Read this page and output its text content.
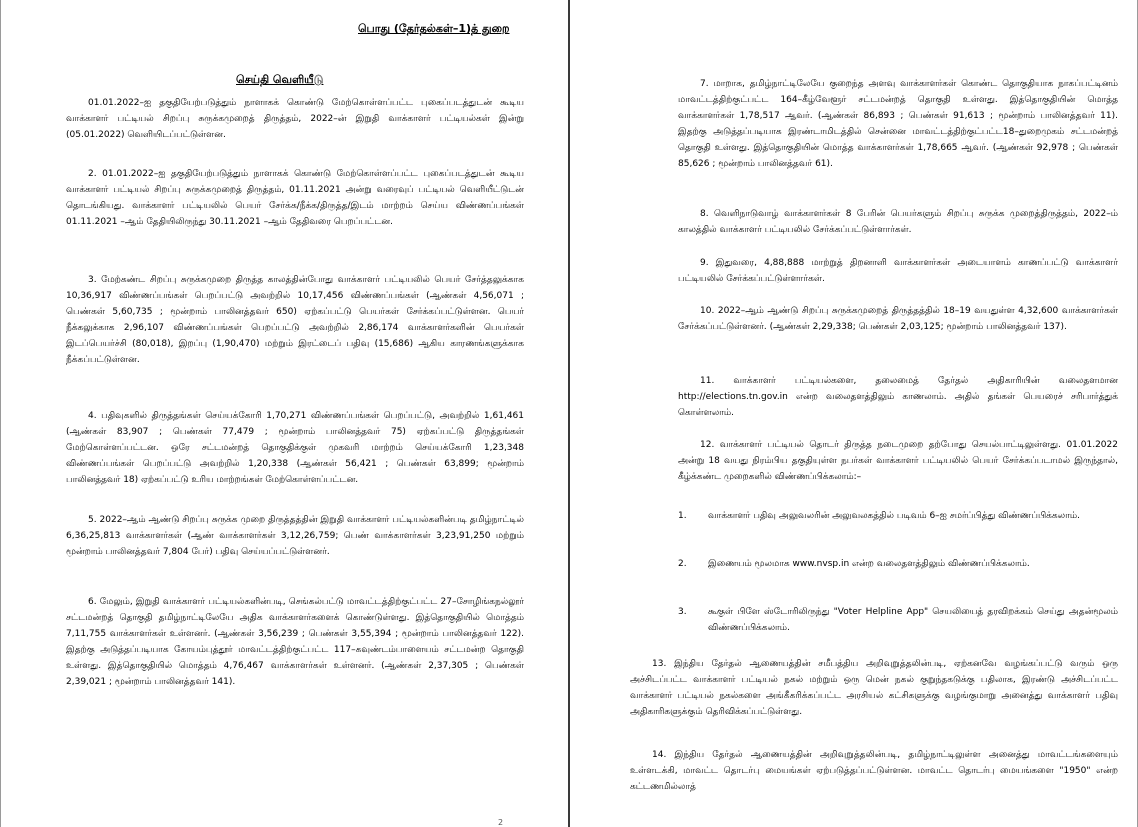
பொது (தேர்தல்கள்–1)த் துறை
செய்தி வெளியீடு

01.01.2022–ஐ தகுதியேற்படுத்தும் நாளாகக் கொண்டு மேற்கொள்ளப்பட்ட புகைப்படத்துடன் கூடிய வாக்காளர் பட்டியல் சிறப்பு சுருக்கமுறைத் திருத்தம், 2022–ன் இறுதி வாக்காளர் பட்டியல்கள் இன்று (05.01.2022) வெளியிடப்பட்டுள்ளன.

2. 01.01.2022–ஐ தகுதியேற்படுத்தும் நாளாகக் கொண்டு மேற்கொள்ளப்பட்ட புகைப்படத்துடன் கூடிய வாக்காளர் பட்டியல் சிறப்பு சுருக்கமுறைத் திருத்தம், 01.11.2021 அன்று வரைவுப் பட்டியல் வெளியீட்டுடன் தொடங்கியது. வாக்காளர் பட்டியலில் பெயர் சேர்க்க/நீக்க/திருத்த/இடம் மாற்றம் செய்ய விண்ணப்பங்கள் 01.11.2021 –ஆம் தேதியிலிருந்து 30.11.2021 –ஆம் தேதிவரை பெறப்பட்டன.

3. மேற்கண்ட சிறப்பு சுருக்கமுறை திருத்த காலத்தின்போது வாக்காளர் பட்டியலில் பெயர் சேர்த்தலுக்காக 10,36,917 விண்ணப்பங்கள் பெறப்பட்டு அவற்றில் 10,17,456 விண்ணப்பங்கள் (ஆண்கள் 4,56,071 ; பெண்கள் 5,60,735 ; மூன்றாம் பாலினத்தவர் 650) ஏற்கப்பட்டு பெயர்கள் சேர்க்கப்பட்டுள்ளன. பெயர் நீக்கலுக்காக 2,96,107 விண்ணப்பங்கள் பெறப்பட்டு அவற்றில் 2,86,174 வாக்காளர்களின் பெயர்கள் இடப்பெயர்ச்சி (80,018), இறப்பு (1,90,470) மற்றும் இரட்டைப் பதிவு (15,686) ஆகிய காரணங்களுக்காக நீக்கப்பட்டுள்ளன.

4. பதிவுகளில் திருத்தங்கள் செய்யக்கோரி 1,70,271 விண்ணப்பங்கள் பெறப்பட்டு, அவற்றில் 1,61,461 (ஆண்கள் 83,907 ; பெண்கள் 77,479 ; மூன்றாம் பாலினத்தவர் 75) ஏற்கப்பட்டு திருத்தங்கள் மேற்கொள்ளப்பட்டன. ஒரே சட்டமன்றத் தொகுதிக்குள் முகவரி மாற்றம் செய்யக்கோரி 1,23,348 விண்ணப்பங்கள் பெறப்பட்டு அவற்றில் 1,20,338 (ஆண்கள் 56,421 ; பெண்கள் 63,899; மூன்றாம் பாலினத்தவர் 18) ஏற்கப்பட்டு உரிய மாற்றங்கள் மேற்கொள்ளப்பட்டன.

5. 2022–ஆம் ஆண்டு சிறப்பு சுருக்க முறை திருத்தத்தின் இறுதி வாக்காளர் பட்டியல்களின்படி தமிழ்நாட்டில் 6,36,25,813 வாக்காளர்கள் (ஆண் வாக்காளர்கள் 3,12,26,759; பெண் வாக்காளர்கள் 3,23,91,250 மற்றும் மூன்றாம் பாலினத்தவர் 7,804 பேர்) பதிவு செய்யப்பட்டுள்ளனர்.

6. மேலும், இறுதி வாக்காளர் பட்டியல்களின்படி, செங்கல்பட்டு மாவட்டத்திற்குட்பட்ட 27–சோழிங்கநல்லூர் சட்டமன்றத் தொகுதி தமிழ்நாட்டிலேயே அதிக வாக்காளர்களைக் கொண்டுள்ளது. இத்தொகுதியில் மொத்தம் 7,11,755 வாக்காளர்கள் உள்ளனர். (ஆண்கள் 3,56,239 ; பெண்கள் 3,55,394 ; மூன்றாம் பாலினத்தவர் 122). இதற்கு அடுத்தப்படியாக கோயம்புத்தூர் மாவட்டத்திற்குட்பட்ட 117–கவுண்டம்பாளையம் சட்டமன்ற தொகுதி உள்ளது. இத்தொகுதியில் மொத்தம் 4,76,467 வாக்காளர்கள் உள்ளனர். (ஆண்கள் 2,37,305 ; பெண்கள் 2,39,021 ; மூன்றாம் பாலினத்தவர் 141).

7. மாறாக, தமிழ்நாட்டிலேயே குறைந்த அளவு வாக்காளர்கள் கொண்ட தொகுதியாக நாகப்பட்டினம் மாவட்டத்திற்குட்பட்ட 164–கீழ்வேளூர் சட்டமன்றத் தொகுதி உள்ளது. இத்தொகுதியின் மொத்த வாக்காளர்கள் 1,78,517 ஆவர். (ஆண்கள் 86,893 ; பெண்கள் 91,613 ; மூன்றாம் பாலினத்தவர் 11). இதற்கு அடுத்தப்படியாக இரண்டாமிடத்தில் சென்னை மாவட்டத்திற்குட்பட்ட18–துறைமுகம் சட்டமன்றத் தொகுதி உள்ளது. இத்தொகுதியின் மொத்த வாக்காளர்கள் 1,78,665 ஆவர். (ஆண்கள் 92,978 ; பெண்கள் 85,626 ; மூன்றாம் பாலினத்தவர் 61).

8. வெளிநாடுவாழ் வாக்காளர்கள் 8 பேரின் பெயர்களும் சிறப்பு சுருக்க முறைத்திருத்தம், 2022–ம் காலத்தில் வாக்காளர் பட்டியலில் சேர்க்கப்பட்டுள்ளார்கள்.

9. இதுவரை, 4,88,888 மாற்றுத் திறனாளி வாக்காளர்கள் அடையாளம் காணப்பட்டு வாக்காளர் பட்டியலில் சேர்க்கப்பட்டுள்ளார்கள்.

10. 2022–ஆம் ஆண்டு சிறப்பு சுருக்கமுறைத் திருத்தத்தில் 18–19 வயதுள்ள 4,32,600 வாக்காளர்கள் சேர்க்கப்பட்டுள்ளனர். (ஆண்கள் 2,29,338; பெண்கள் 2,03,125; மூன்றாம் பாலினத்தவர் 137).

11. வாக்காளர் பட்டியல்களை, தலைமைத் தேர்தல் அதிகாரியின் வலைதளமான http://elections.tn.gov.in என்ற வலைதளத்திலும் காணலாம். அதில் தங்கள் பெயரைச் சரிபார்த்துக் கொள்ளலாம்.

12. வாக்காளர் பட்டியல் தொடர் திருத்த நடைமுறை தற்போது செயல்பாட்டிலுள்ளது. 01.01.2022 அன்று 18 வயது நிரம்பிய தகுதியுள்ள நபர்கள் வாக்காளர் பட்டியலில் பெயர் சேர்க்கப்படாமல் இருந்தால், கீழ்க்கண்ட முறைகளில் விண்ணப்பிக்கலாம்:–

1. வாக்காளர் பதிவு அலுவலரின் அலுவலகத்தில் படிவம் 6–ஐ சமர்ப்பித்து விண்ணப்பிக்கலாம்.

2. இணையம் மூலமாக www.nvsp.in என்ற வலைதளத்திலும் விண்ணப்பிக்கலாம்.

3. கூகுள் பிளே ஸ்டோரிலிருந்து "Voter Helpline App" செயலியைத் தரவிறக்கம் செய்து அதன்மூலம் விண்ணப்பிக்கலாம்.

13. இந்திய தேர்தல் ஆணையத்தின் சமீபத்திய அறிவுறுத்தலின்படி, ஏற்கனவே வழங்கப்பட்டு வரும் ஒரு அச்சிடப்பட்ட வாக்காளர் பட்டியல் நகல் மற்றும் ஒரு மென் நகல் குறுந்தகடுக்கு பதிலாக, இரண்டு அச்சிடப்பட்ட வாக்காளர் பட்டியல் நகல்களை அங்கீகரிக்கப்பட்ட அரசியல் கட்சிகளுக்கு வழங்குமாறு அனைத்து வாக்காளர் பதிவு அதிகாரிகளுக்கும் தெரிவிக்கப்பட்டுள்ளது.

14. இந்திய தேர்தல் ஆணையத்தின் அறிவுறுத்தலின்படி, தமிழ்நாட்டிலுள்ள அனைத்து மாவட்டங்களையும் உள்ளடக்கி, மாவட்ட தொடர்பு மையங்கள் ஏற்படுத்தப்பட்டுள்ளன. மாவட்ட தொடர்பு மையங்களை "1950" என்ற கட்டணமில்லாத்

2
